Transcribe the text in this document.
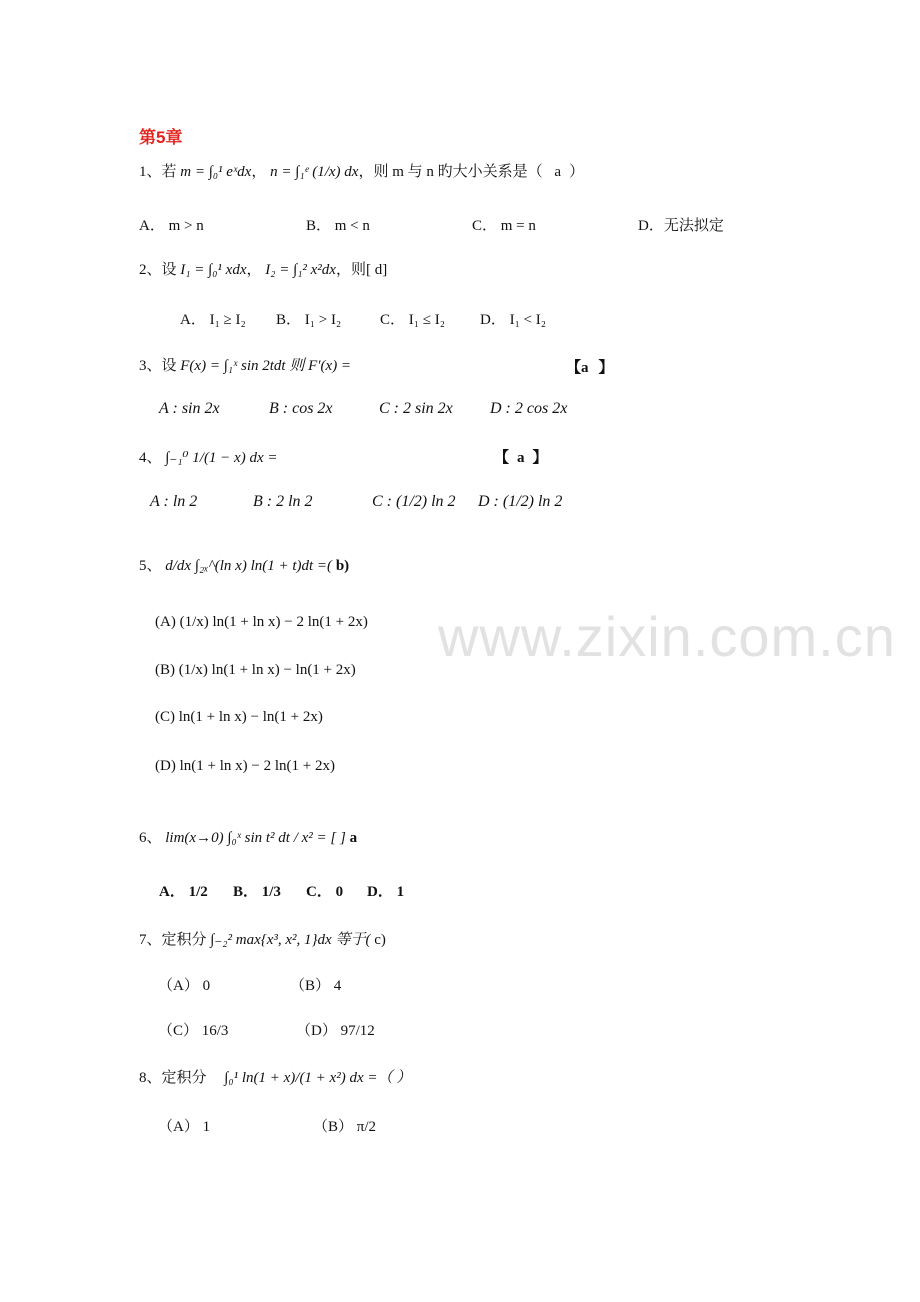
www.zixin.com.cn
第5章
1、若 m = ∫₀¹ eˣdx， n = ∫₁ᵉ (1/x) dx，则 m 与 n 旳大小关系是（ a ）
A． m > n	B． m < n	C． m = n	D．无法拟定
2、设 I₁ = ∫₀¹ xdx， I₂ = ∫₁² x²dx，则[ d]
A． I₁ ≥ I₂ B． I₁ > I₂	C． I₁ ≤ I₂ D． I₁ < I₂
3、设 F(x) = ∫₁ˣ sin 2tdt 则 F′(x) =	【a 】
A : sin 2x	B : cos 2x	C : 2 sin 2x D : 2 cos 2x
4、 ∫₋₁⁰ 1/(1 − x) dx =	【 a 】
A : ln 2	B : 2 ln 2	C : (1/2) ln 2 D : (1/2) ln 2
5、 d/dx ∫₂ₓ^(ln x) ln(1 + t)dt =( b)
(A) (1/x) ln(1 + ln x) − 2 ln(1 + 2x)
(B) (1/x) ln(1 + ln x) − ln(1 + 2x)
(C) ln(1 + ln x) − ln(1 + 2x)
(D) ln(1 + ln x) − 2 ln(1 + 2x)
6、 lim(x→0) ∫₀ˣ sin t² dt / x² = [ ] a
A． 1/2 B． 1/3 C． 0 D． 1
7、定积分 ∫₋₂² max{x³, x², 1}dx 等于( c)
（A） 0	（B） 4
（C） 16/3	（D） 97/12
8、定积分 ∫₀¹ ln(1 + x)/(1 + x²) dx =（ ）
（A） 1	（B） π/2
